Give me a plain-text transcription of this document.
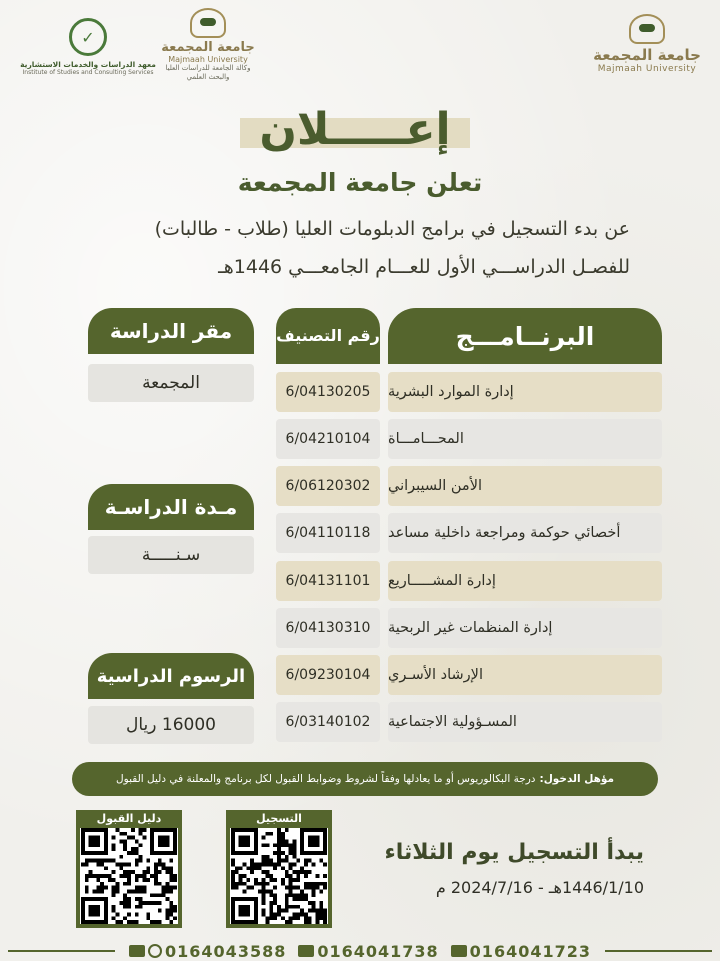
جامعة المجمعة
Majmaah University
جامعة المجمعة
Majmaah University
وكالة الجامعة للدراسات العليا والبحث العلمي
✓
معهد الدراسات والخدمات الاستشارية
Institute of Studies and Consulting Services
إعـــــلان
تعلن جامعة المجمعة
عن بدء التسجيل في برامج الدبلومات العليا (طلاب - طالبات)
للفصـل الدراســـي الأول للعـــام الجامعـــي 1446هـ
البرنــامـــج
رقم التصنيف
إدارة الموارد البشرية
6/04130205
المحـــامـــاة
6/04210104
الأمن السيبراني
6/06120302
أخصائي حوكمة ومراجعة داخلية مساعد
6/04110118
إدارة المشـــــاريع
6/04131101
إدارة المنظمات غير الربحية
6/04130310
الإرشاد الأسـري
6/09230104
المسـؤولية الاجتماعية
6/03140102
مقر الدراسة
المجمعة
مـدة الدراسـة
سـنـــــة
الرسوم الدراسية
16000 ريال
مؤهل الدخول:
درجة البكالوريوس أو ما يعادلها وفقاً لشروط وضوابط القبول لكل برنامج والمعلنة في دليل القبول
دليل القبول	التسجيل
يبدأ التسجيل يوم الثلاثاء
1446/1/10هـ - 2024/7/16 م
0164043588 0164041738 0164041723
